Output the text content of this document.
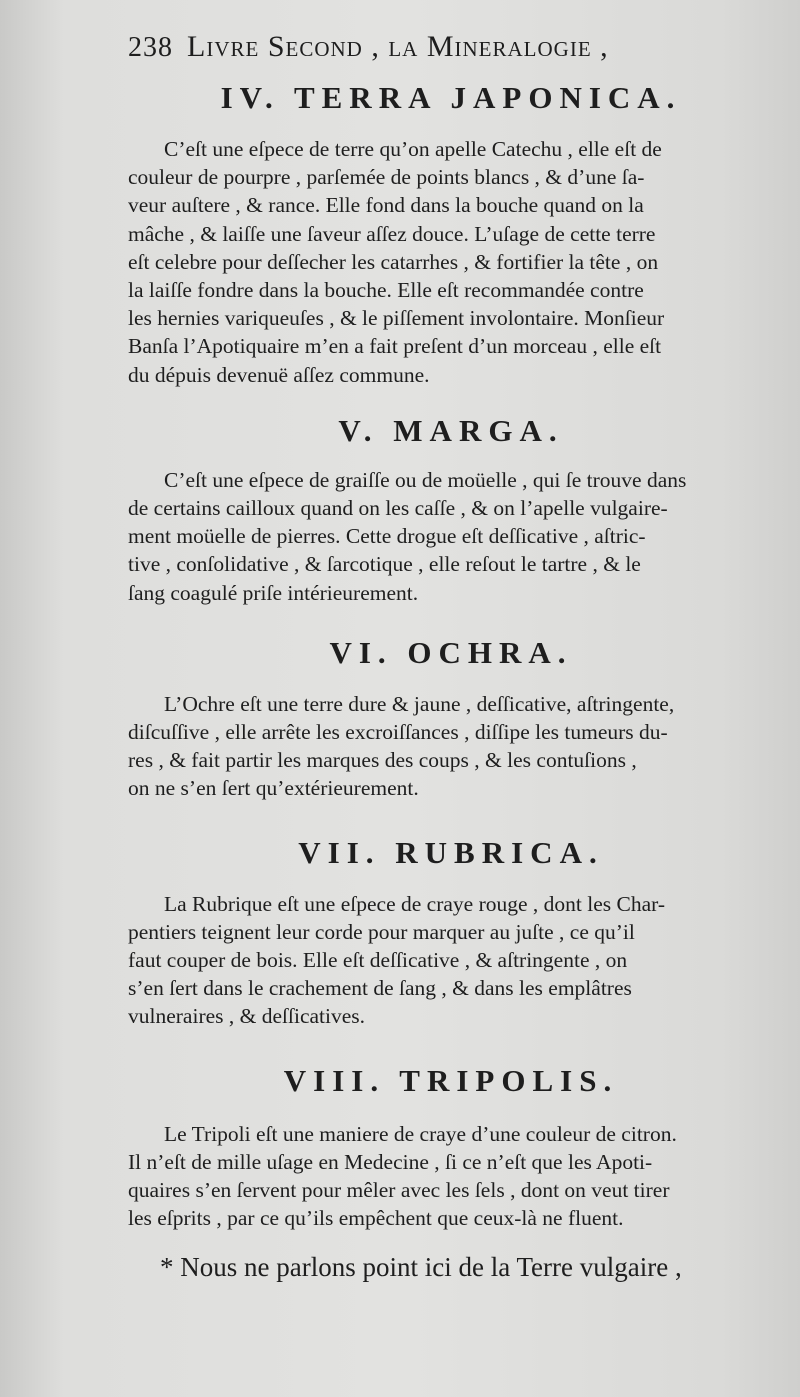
238 Livre Second , la Mineralogie ,
IV. TERRA JAPONICA.
C’eſt une eſpece de terre qu’on apelle Catechu , elle eſt de
couleur de pourpre , parſemée de points blancs , & d’une ſa-
veur auſtere , & rance. Elle fond dans la bouche quand on la
mâche , & laiſſe une ſaveur aſſez douce. L’uſage de cette terre
eſt celebre pour deſſecher les catarrhes , & fortifier la tête , on
la laiſſe fondre dans la bouche. Elle eſt recommandée contre
les hernies variqueuſes , & le piſſement involontaire. Monſieur
Banſa l’Apotiquaire m’en a fait preſent d’un morceau , elle eſt
du dépuis devenuë aſſez commune.
V. MARGA.
C’eſt une eſpece de graiſſe ou de moüelle , qui ſe trouve dans
de certains cailloux quand on les caſſe , & on l’apelle vulgaire-
ment moüelle de pierres. Cette drogue eſt deſſicative , aſtric-
tive , conſolidative , & ſarcotique , elle reſout le tartre , & le
ſang coagulé priſe intérieurement.
VI. OCHRA.
L’Ochre eſt une terre dure & jaune , deſſicative, aſtringente,
diſcuſſive , elle arrête les excroiſſances , diſſipe les tumeurs du-
res , & fait partir les marques des coups , & les contuſions ,
on ne s’en ſert qu’extérieurement.
VII. RUBRICA.
La Rubrique eſt une eſpece de craye rouge , dont les Char-
pentiers teignent leur corde pour marquer au juſte , ce qu’il
faut couper de bois. Elle eſt deſſicative , & aſtringente , on
s’en ſert dans le crachement de ſang , & dans les emplâtres
vulneraires , & deſſicatives.
VIII. TRIPOLIS.
Le Tripoli eſt une maniere de craye d’une couleur de citron.
Il n’eſt de mille uſage en Medecine , ſi ce n’eſt que les Apoti-
quaires s’en ſervent pour mêler avec les ſels , dont on veut tirer
les eſprits , par ce qu’ils empêchent que ceux-là ne fluent.
* Nous ne parlons point ici de la Terre vulgaire ,
